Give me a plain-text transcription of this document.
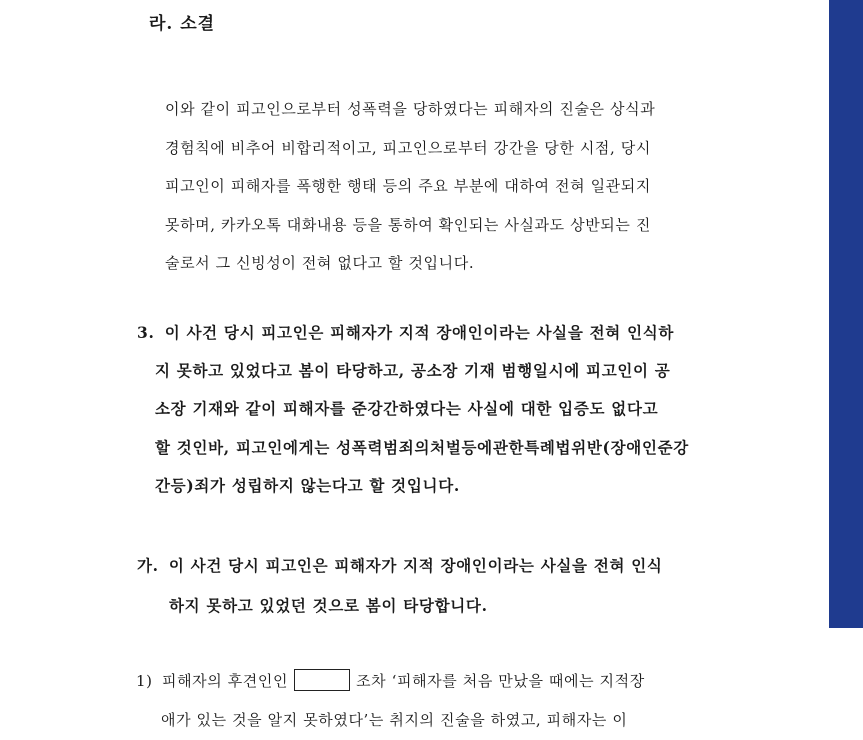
라. 소결
이와 같이 피고인으로부터 성폭력을 당하였다는 피해자의 진술은 상식과
경험칙에 비추어 비합리적이고, 피고인으로부터 강간을 당한 시점, 당시
피고인이 피해자를 폭행한 행태 등의 주요 부분에 대하여 전혀 일관되지
못하며, 카카오톡 대화내용 등을 통하여 확인되는 사실과도 상반되는 진
술로서 그 신빙성이 전혀 없다고 할 것입니다.
3. 이 사건 당시 피고인은 피해자가 지적 장애인이라는 사실을 전혀 인식하
지 못하고 있었다고 봄이 타당하고, 공소장 기재 범행일시에 피고인이 공
소장 기재와 같이 피해자를 준강간하였다는 사실에 대한 입증도 없다고
할 것인바, 피고인에게는 성폭력범죄의처벌등에관한특례법위반(장애인준강
간등)죄가 성립하지 않는다고 할 것입니다.
가. 이 사건 당시 피고인은 피해자가 지적 장애인이라는 사실을 전혀 인식
하지 못하고 있었던 것으로 봄이 타당합니다.
1) 피해자의 후견인인	조차 ‘피해자를 처음 만났을 때에는 지적장
애가 있는 것을 알지 못하였다’는 취지의 진술을 하였고, 피해자는 이
